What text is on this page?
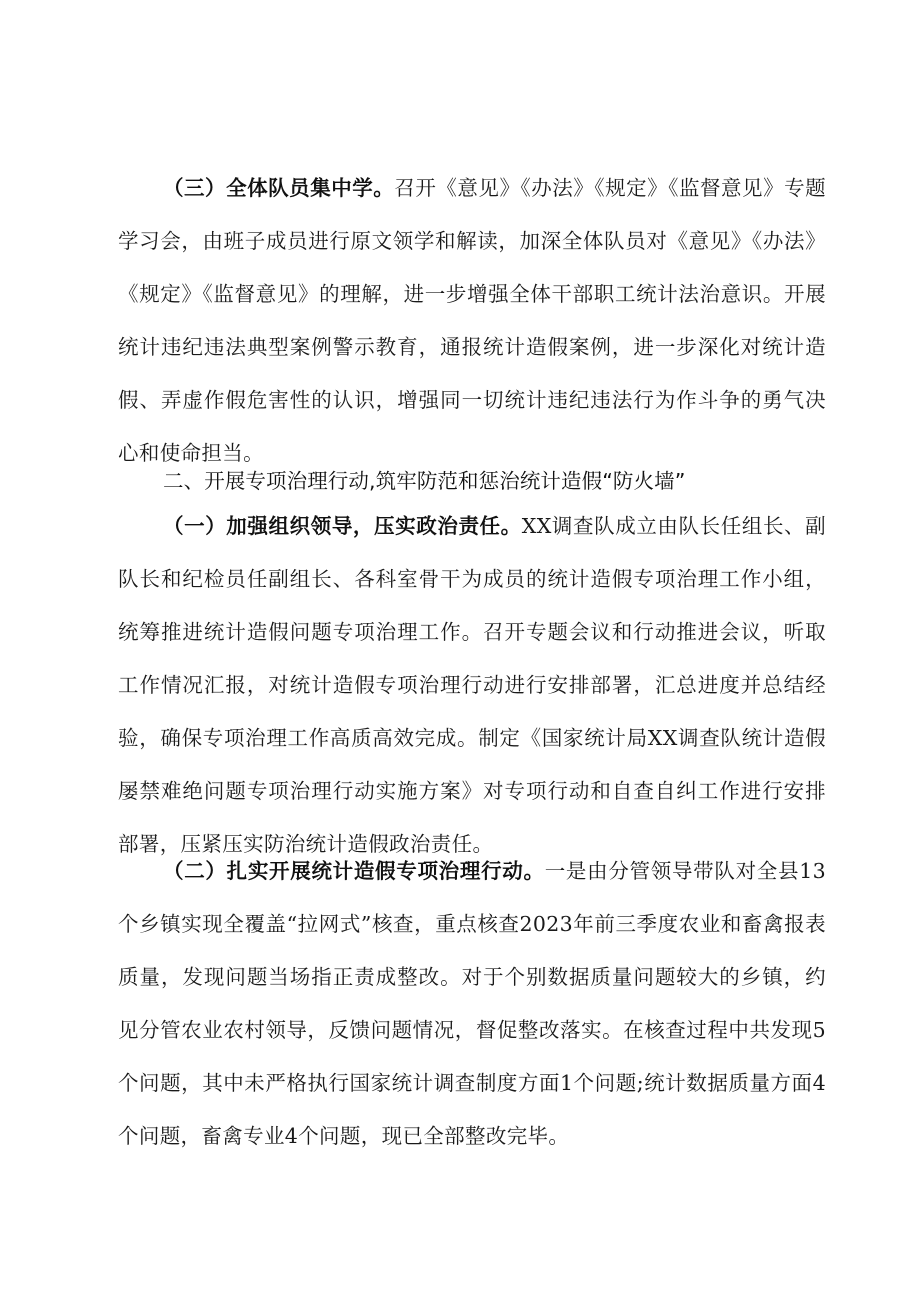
（三）全体队员集中学。召开《意见》《办法》《规定》《监督意见》专题学习会，由班子成员进行原文领学和解读，加深全体队员对《意见》《办法》《规定》《监督意见》的理解，进一步增强全体干部职工统计法治意识。开展统计违纪违法典型案例警示教育，通报统计造假案例，进一步深化对统计造假、弄虚作假危害性的认识，增强同一切统计违纪违法行为作斗争的勇气决心和使命担当。

二、开展专项治理行动,筑牢防范和惩治统计造假“防火墙”

（一）加强组织领导，压实政治责任。XX调查队成立由队长任组长、副队长和纪检员任副组长、各科室骨干为成员的统计造假专项治理工作小组，统筹推进统计造假问题专项治理工作。召开专题会议和行动推进会议，听取工作情况汇报，对统计造假专项治理行动进行安排部署，汇总进度并总结经验，确保专项治理工作高质高效完成。制定《国家统计局XX调查队统计造假屡禁难绝问题专项治理行动实施方案》对专项行动和自查自纠工作进行安排部署，压紧压实防治统计造假政治责任。

（二）扎实开展统计造假专项治理行动。一是由分管领导带队对全县13个乡镇实现全覆盖“拉网式”核查，重点核查2023年前三季度农业和畜禽报表质量，发现问题当场指正责成整改。对于个别数据质量问题较大的乡镇，约见分管农业农村领导，反馈问题情况，督促整改落实。在核查过程中共发现5个问题，其中未严格执行国家统计调查制度方面1个问题;统计数据质量方面4个问题，畜禽专业4个问题，现已全部整改完毕。
